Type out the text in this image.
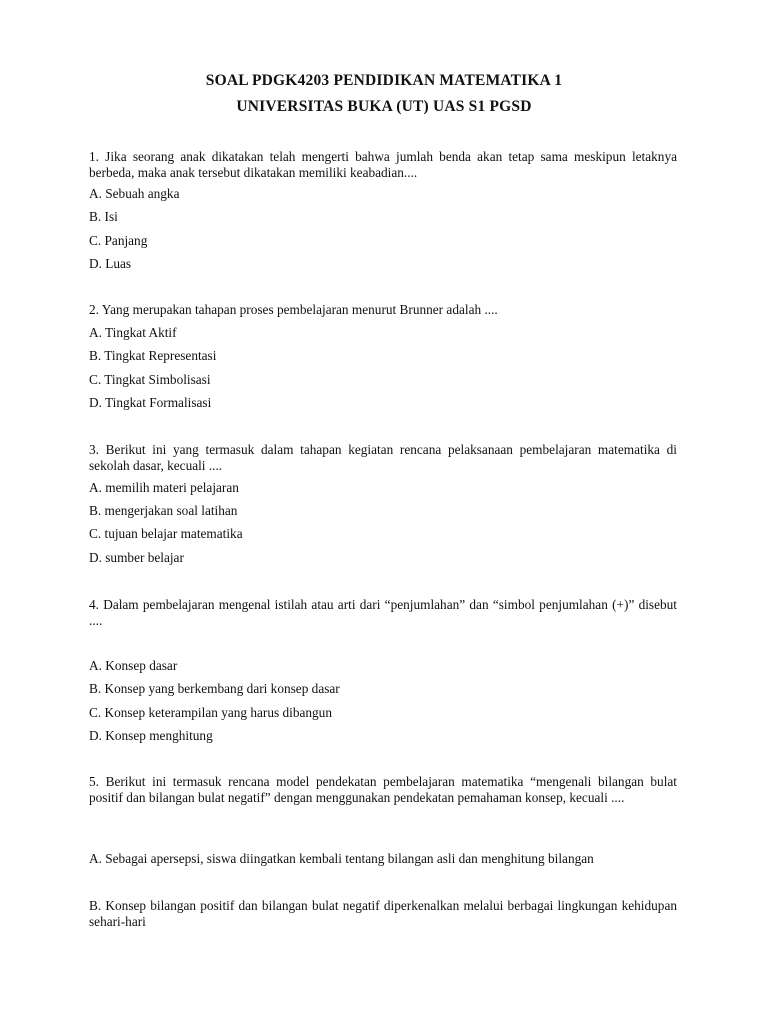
SOAL PDGK4203 PENDIDIKAN MATEMATIKA 1
UNIVERSITAS BUKA (UT) UAS S1 PGSD
1. Jika seorang anak dikatakan telah mengerti bahwa jumlah benda akan tetap sama meskipun letaknya berbeda, maka anak tersebut dikatakan memiliki keabadian....
A. Sebuah angka
B. Isi
C. Panjang
D. Luas
2. Yang merupakan tahapan proses pembelajaran menurut Brunner adalah ....
A. Tingkat Aktif
B. Tingkat Representasi
C. Tingkat Simbolisasi
D. Tingkat Formalisasi
3. Berikut ini yang termasuk dalam tahapan kegiatan rencana pelaksanaan pembelajaran matematika di sekolah dasar, kecuali ....
A. memilih materi pelajaran
B. mengerjakan soal latihan
C. tujuan belajar matematika
D. sumber belajar
4. Dalam pembelajaran mengenal istilah atau arti dari “penjumlahan” dan “simbol penjumlahan (+)” disebut ....
A. Konsep dasar
B. Konsep yang berkembang dari konsep dasar
C. Konsep keterampilan yang harus dibangun
D. Konsep menghitung
5. Berikut ini termasuk rencana model pendekatan pembelajaran matematika “mengenali bilangan bulat positif dan bilangan bulat negatif” dengan menggunakan pendekatan pemahaman konsep, kecuali ....
A. Sebagai apersepsi, siswa diingatkan kembali tentang bilangan asli dan menghitung bilangan
B. Konsep bilangan positif dan bilangan bulat negatif diperkenalkan melalui berbagai lingkungan kehidupan sehari-hari
